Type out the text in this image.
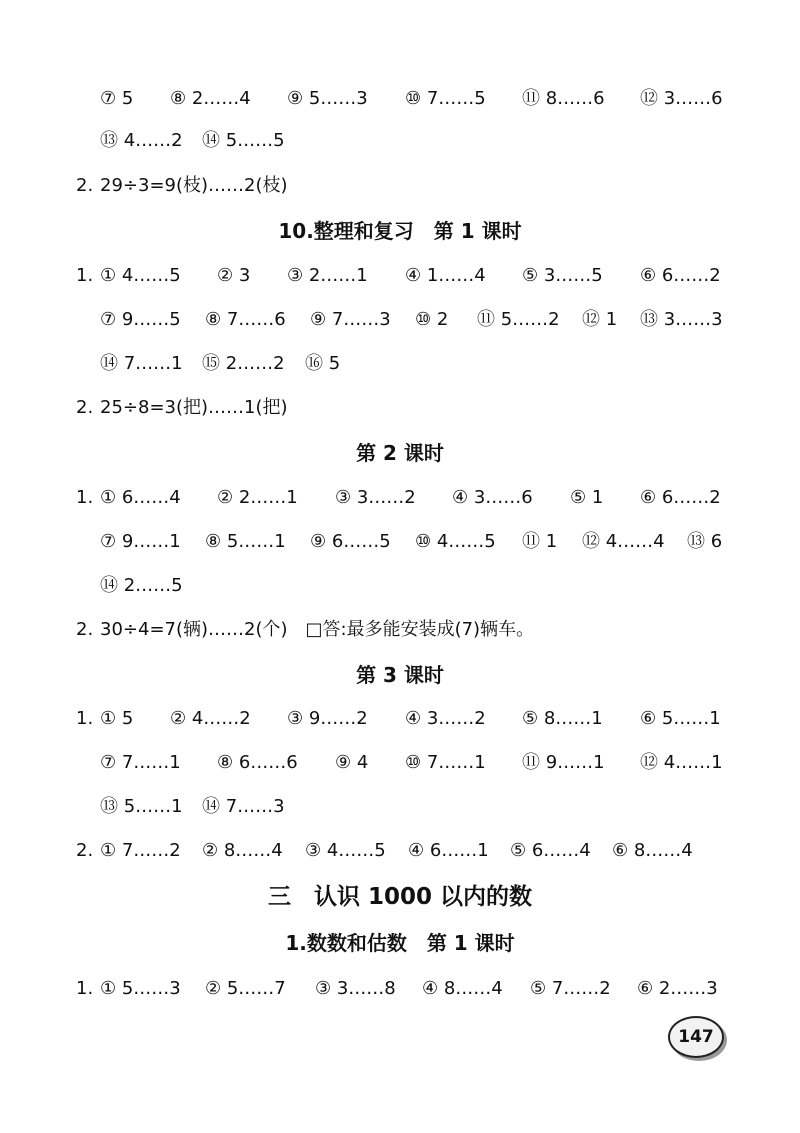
⑦ 5 ⑧ 2……4 ⑨ 5……3 ⑩ 7……5 ⑪ 8……6 ⑫ 3……6
⑬ 4……2 ⑭ 5……5
2. 29÷3=9(枝)……2(枝)
10.整理和复习　第 1 课时
1. ① 4……5 ② 3 ③ 2……1 ④ 1……4 ⑤ 3……5 ⑥ 6……2
⑦ 9……5 ⑧ 7……6 ⑨ 7……3 ⑩ 2 ⑪ 5……2 ⑫ 1 ⑬ 3……3
⑭ 7……1 ⑮ 2……2 ⑯ 5
2. 25÷8=3(把)……1(把)
第 2 课时
1. ① 6……4 ② 2……1 ③ 3……2 ④ 3……6 ⑤ 1 ⑥ 6……2
⑦ 9……1 ⑧ 5……1 ⑨ 6……5 ⑩ 4……5 ⑪ 1 ⑫ 4……4 ⑬ 6
⑭ 2……5
2. 30÷4=7(辆)……2(个)　□答:最多能安装成(7)辆车。
第 3 课时
1. ① 5 ② 4……2 ③ 9……2 ④ 3……2 ⑤ 8……1 ⑥ 5……1
⑦ 7……1 ⑧ 6……6 ⑨ 4 ⑩ 7……1 ⑪ 9……1 ⑫ 4……1
⑬ 5……1 ⑭ 7……3
2. ① 7……2 ② 8……4 ③ 4……5 ④ 6……1 ⑤ 6……4 ⑥ 8……4
三　认识 1000 以内的数
1.数数和估数　第 1 课时
1. ① 5……3 ② 5……7 ③ 3……8 ④ 8……4 ⑤ 7……2 ⑥ 2……3
147
